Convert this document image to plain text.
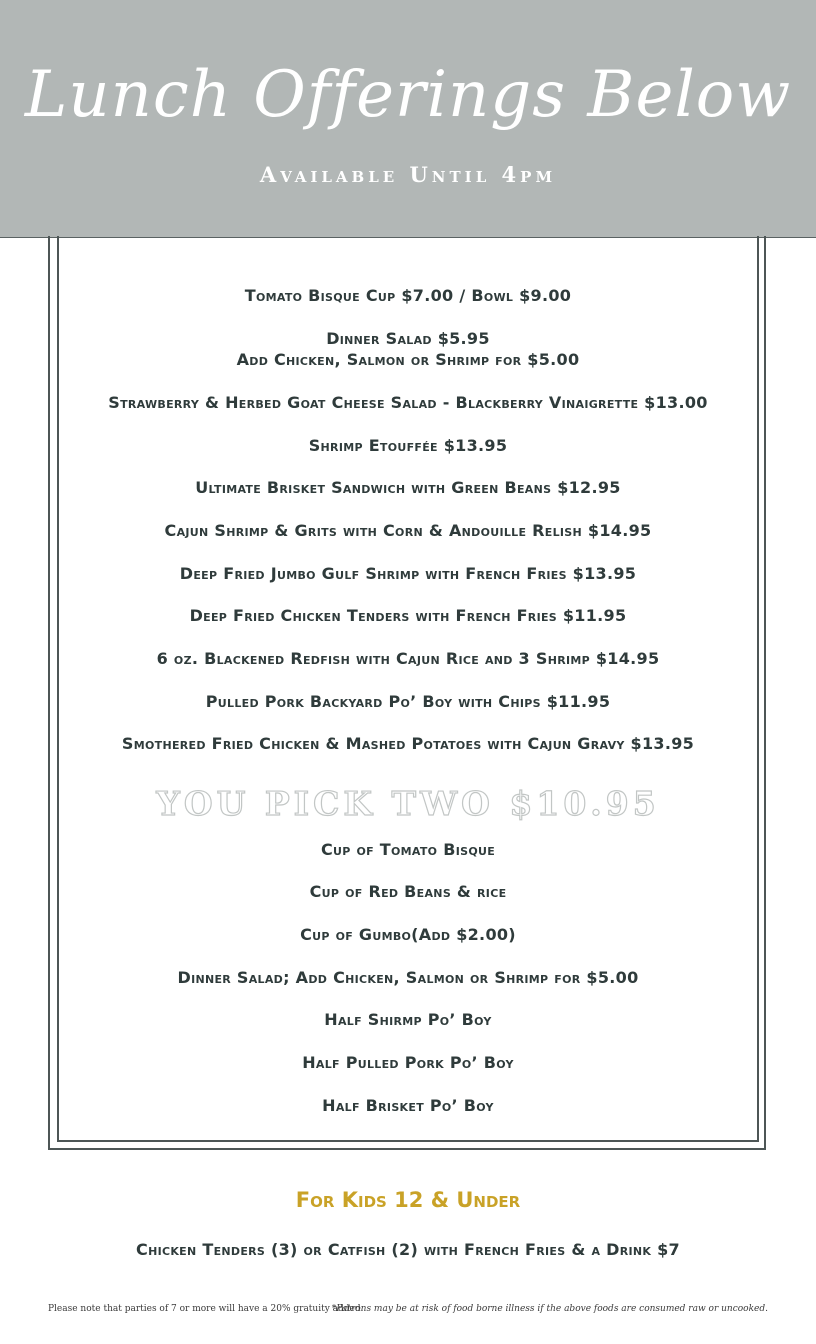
Lunch Offerings Below
Available Until 4pm
Tomato Bisque Cup $7.00 / Bowl $9.00
Dinner Salad $5.95
Add Chicken, Salmon or Shrimp for $5.00
Strawberry & Herbed Goat Cheese Salad - Blackberry Vinaigrette $13.00
Shrimp Etouffée $13.95
Ultimate Brisket Sandwich with Green Beans $12.95
Cajun Shrimp & Grits with Corn & Andouille Relish $14.95
Deep Fried Jumbo Gulf Shrimp with French Fries $13.95
Deep Fried Chicken Tenders with French Fries $11.95
6 oz. Blackened Redfish with Cajun Rice and 3 Shrimp $14.95
Pulled Pork Backyard Po’ Boy with Chips $11.95
Smothered Fried Chicken & Mashed Potatoes with Cajun Gravy $13.95
YOU PICK TWO $10.95
Cup of Tomato Bisque
Cup of Red Beans & rice
Cup of Gumbo(Add $2.00)
Dinner Salad; Add Chicken, Salmon or Shrimp for $5.00
Half Shirmp Po’ Boy
Half Pulled Pork Po’ Boy
Half Brisket Po’ Boy
For Kids 12 & Under
Chicken Tenders (3) or Catfish (2) with French Fries & a Drink $7
Please note that parties of 7 or more will have a 20% gratuity added.
*Patrons may be at risk of food borne illness if the above foods are consumed raw or uncooked.
